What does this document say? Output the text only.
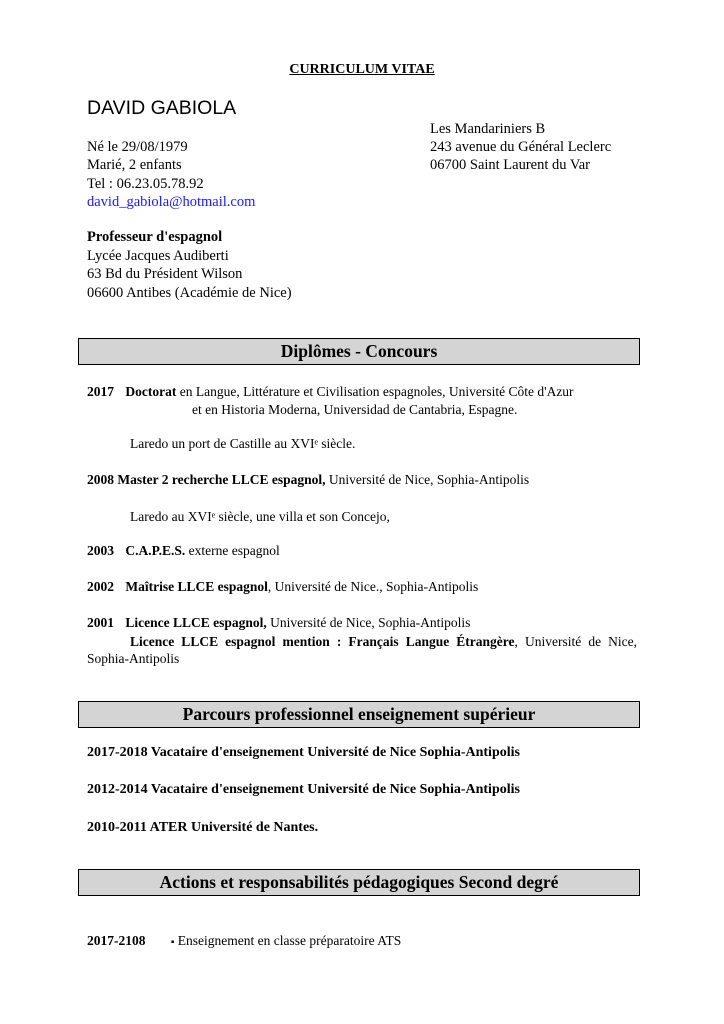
CURRICULUM VITAE
DAVID GABIOLA
Né le 29/08/1979
Marié, 2 enfants
Tel : 06.23.05.78.92
david_gabiola@hotmail.com
Les Mandariniers B
243 avenue du Général Leclerc
06700 Saint Laurent du Var
Professeur d'espagnol
Lycée Jacques Audiberti
63 Bd du Président Wilson
06600 Antibes (Académie de Nice)
Diplômes - Concours
2017 Doctorat en Langue, Littérature et Civilisation espagnoles, Université Côte d'Azur
et en Historia Moderna, Universidad de Cantabria, Espagne.
Laredo un port de Castille au XVIᵉ siècle.
2008 Master 2 recherche LLCE espagnol, Université de Nice, Sophia-Antipolis
Laredo au XVIᵉ siècle, une villa et son Concejo,
2003 C.A.P.E.S. externe espagnol
2002 Maîtrise LLCE espagnol, Université de Nice., Sophia-Antipolis
2001 Licence LLCE espagnol, Université de Nice, Sophia-Antipolis
Licence LLCE espagnol mention : Français Langue Étrangère, Université de Nice, Sophia-Antipolis
Parcours professionnel enseignement supérieur
2017-2018 Vacataire d'enseignement Université de Nice Sophia-Antipolis
2012-2014 Vacataire d'enseignement Université de Nice Sophia-Antipolis
2010-2011 ATER Université de Nantes.
Actions et responsabilités pédagogiques Second degré
2017-2108	▪ Enseignement en classe préparatoire ATS
